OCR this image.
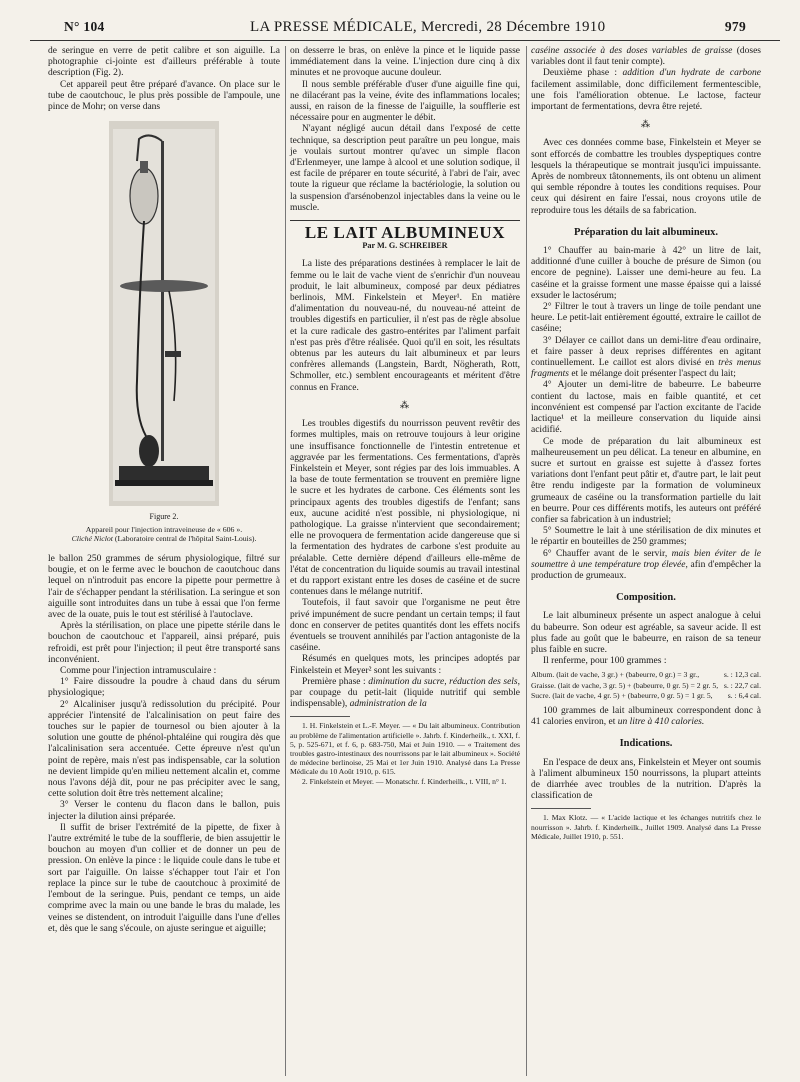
N° 104	LA PRESSE MÉDICALE, Mercredi, 28 Décembre 1910	979

de seringue en verre de petit calibre et son aiguille. La photographie ci-jointe est d'ailleurs préférable à toute description (Fig. 2).

Cet appareil peut être préparé d'avance. On place sur le tube de caoutchouc, le plus près possible de l'ampoule, une pince de Mohr; on verse dans

Figure 2.
Appareil pour l'injection intraveineuse de « 606 ».
Cliché Niclot (Laboratoire central de l'hôpital Saint-Louis).

le ballon 250 grammes de sérum physiologique, filtré sur bougie, et on le ferme avec le bouchon de caoutchouc dans lequel on n'introduit pas encore la pipette pour permettre à l'air de s'échapper pendant la stérilisation. La seringue et son aiguille sont introduites dans un tube à essai que l'on ferme avec de la ouate, puis le tout est stérilisé à l'autoclave.

Après la stérilisation, on place une pipette stérile dans le bouchon de caoutchouc et l'appareil, ainsi préparé, puis refroidi, est prêt pour l'injection; il peut être transporté sans inconvénient.

Comme pour l'injection intramusculaire :

1° Faire dissoudre la poudre à chaud dans du sérum physiologique;

2° Alcaliniser jusqu'à redissolution du précipité. Pour apprécier l'intensité de l'alcalinisation on peut faire des touches sur le papier de tournesol ou bien ajouter à la solution une goutte de phénol-phtaléine qui rougira dès que l'alcalinisation sera accentuée. Cette épreuve n'est qu'un point de repère, mais n'est pas indispensable, car la solution ne devient limpide qu'en milieu nettement alcalin et, comme nous l'avons déjà dit, pour ne pas précipiter avec le sang, cette solution doit être très nettement alcaline;

3° Verser le contenu du flacon dans le ballon, puis injecter la dilution ainsi préparée.

Il suffit de briser l'extrémité de la pipette, de fixer à l'autre extrémité le tube de la soufflerie, de bien assujettir le bouchon au moyen d'un collier et de donner un peu de pression. On enlève la pince : le liquide coule dans le tube et sort par l'aiguille. On laisse s'échapper tout l'air et l'on replace la pince sur le tube de caoutchouc à proximité de l'embout de la seringue. Puis, pendant ce temps, un aide comprime avec la main ou une bande le bras du malade, les veines se distendent, on introduit l'aiguille dans l'une d'elles et, dès que le sang s'écoule, on ajuste seringue et aiguille;

on desserre le bras, on enlève la pince et le liquide passe immédiatement dans la veine. L'injection dure cinq à dix minutes et ne provoque aucune douleur.

Il nous semble préférable d'user d'une aiguille fine qui, ne dilacérant pas la veine, évite des inflammations locales; aussi, en raison de la finesse de l'aiguille, la soufflerie est nécessaire pour en augmenter le débit.

N'ayant négligé aucun détail dans l'exposé de cette technique, sa description peut paraître un peu longue, mais je voulais surtout montrer qu'avec un simple flacon d'Erlenmeyer, une lampe à alcool et une solution sodique, il est facile de préparer en toute sécurité, à l'abri de l'air, avec toute la rigueur que réclame la bactériologie, la solution ou la suspension d'arsénobenzol injectables dans la veine ou le muscle.

LE LAIT ALBUMINEUX
Par M. G. SCHREIBER

La liste des préparations destinées à remplacer le lait de femme ou le lait de vache vient de s'enrichir d'un nouveau produit, le lait albumineux, composé par deux pédiatres berlinois, MM. Finkelstein et Meyer¹. En matière d'alimentation du nouveau-né, du nouveau-né atteint de troubles digestifs en particulier, il n'est pas de règle absolue et la cure radicale des gastro-entérites par l'aliment parfait n'est pas près d'être réalisée. Quoi qu'il en soit, les résultats obtenus par les auteurs du lait albumineux et par leurs confrères allemands (Langstein, Bardt, Nögherath, Rott, Schmoller, etc.) semblent encourageants et méritent d'être connus en France.

⁂

Les troubles digestifs du nourrisson peuvent revêtir des formes multiples, mais on retrouve toujours à leur origine une insuffisance fonctionnelle de l'intestin entretenue et aggravée par les fermentations. Ces fermentations, d'après Finkelstein et Meyer, sont régies par des lois immuables. A la base de toute fermentation se trouvent en première ligne le sucre et les hydrates de carbone. Ces éléments sont les principaux agents des troubles digestifs de l'enfant; sans eux, aucune acidité n'est possible, ni physiologique, ni pathologique. La graisse n'intervient que secondairement; elle ne provoquera de fermentation acide dangereuse que si la fermentation des hydrates de carbone s'est produite au préalable. Cette dernière dépend d'ailleurs elle-même de l'état de concentration du liquide soumis au travail intestinal et du rapport existant entre les doses de caséine et de sucre contenues dans le mélange nutritif.

Toutefois, il faut savoir que l'organisme ne peut être privé impunément de sucre pendant un certain temps; il faut donc en conserver de petites quantités dont les effets nocifs éventuels se trouvent annihilés par l'action antagoniste de la caséine.

Résumés en quelques mots, les principes adoptés par Finkelstein et Meyer² sont les suivants :

Première phase : diminution du sucre, réduction des sels, par coupage du petit-lait (liquide nutritif qui semble indispensable), administration de la

1. H. Finkelstein et L.-F. Meyer. — « Du lait albumineux. Contribution au problème de l'alimentation artificielle ». Jahrb. f. Kinderheilk., t. XXI, f. 5, p. 525-671, et f. 6, p. 683-750, Mai et Juin 1910. — « Traitement des troubles gastro-intestinaux des nourrissons par le lait albumineux ». Société de médecine berlinoise, 25 Mai et 1er Juin 1910. Analysé dans La Presse Médicale du 10 Août 1910, p. 615.

2. Finkelstein et Meyer. — Monatschr. f. Kinderheilk., t. VIII, n° 1.

caséine associée à des doses variables de graisse (doses variables dont il faut tenir compte).

Deuxième phase : addition d'un hydrate de carbone facilement assimilable, donc difficilement fermentescible, une fois l'amélioration obtenue. Le lactose, facteur important de fermentations, devra être rejeté.

⁂

Avec ces données comme base, Finkelstein et Meyer se sont efforcés de combattre les troubles dyspeptiques contre lesquels la thérapeutique se montrait jusqu'ici impuissante. Après de nombreux tâtonnements, ils ont obtenu un aliment qui semble répondre à toutes les conditions requises. Pour ceux qui désirent en faire l'essai, nous croyons utile de reproduire tous les détails de sa fabrication.

Préparation du lait albumineux.

1° Chauffer au bain-marie à 42° un litre de lait, additionné d'une cuiller à bouche de présure de Simon (ou encore de pegnine). Laisser une demi-heure au feu. La caséine et la graisse forment une masse épaisse qui a laissé exsuder le lactosérum;

2° Filtrer le tout à travers un linge de toile pendant une heure. Le petit-lait entièrement égoutté, extraire le caillot de caséine;

3° Délayer ce caillot dans un demi-litre d'eau ordinaire, et faire passer à deux reprises différentes en agitant continuellement. Le caillot est alors divisé en très menus fragments et le mélange doit présenter l'aspect du lait;

4° Ajouter un demi-litre de babeurre. Le babeurre contient du lactose, mais en faible quantité, et cet inconvénient est compensé par l'action excitante de l'acide lactique¹ et la meilleure conservation du liquide ainsi acidifié.

Ce mode de préparation du lait albumineux est malheureusement un peu délicat. La teneur en albumine, en sucre et surtout en graisse est sujette à d'assez fortes variations dont l'enfant peut pâtir et, d'autre part, le lait peut être rendu indigeste par la formation de volumineux grumeaux de caséine ou la transformation partielle du lait en beurre. Pour ces différents motifs, les auteurs ont préféré confier sa fabrication à un industriel;

5° Soumettre le lait à une stérilisation de dix minutes et le répartir en bouteilles de 250 grammes;

6° Chauffer avant de le servir, mais bien éviter de le soumettre à une température trop élevée, afin d'empêcher la production de grumeaux.

Composition.

Le lait albumineux présente un aspect analogue à celui du babeurre. Son odeur est agréable, sa saveur acide. Il est plus fade au goût que le babeurre, en raison de sa teneur plus faible en sucre.

Il renferme, pour 100 grammes :

Album. (lait de vache, 3 gr.) + (babeurre, 0 gr.) = 3 gr.,	s. : 12,3 cal.
Graisse. (lait de vache, 3 gr. 5) + (babeurre, 0 gr. 5) = 2 gr. 5, s. : 22,7 cal.
Sucre. (lait de vache, 4 gr. 5) + (babeurre, 0 gr. 5) = 1 gr. 5, s. : 6,4 cal.

100 grammes de lait albumineux correspondent donc à 41 calories environ, et un litre à 410 calories.

Indications.

En l'espace de deux ans, Finkelstein et Meyer ont soumis à l'aliment albumineux 150 nourrissons, la plupart atteints de diarrhée avec troubles de la nutrition. D'après la classification de

1. Max Klotz. — « L'acide lactique et les échanges nutritifs chez le nourrisson ». Jahrb. f. Kinderheilk., Juillet 1909. Analysé dans La Presse Médicale, Juillet 1910, p. 551.
